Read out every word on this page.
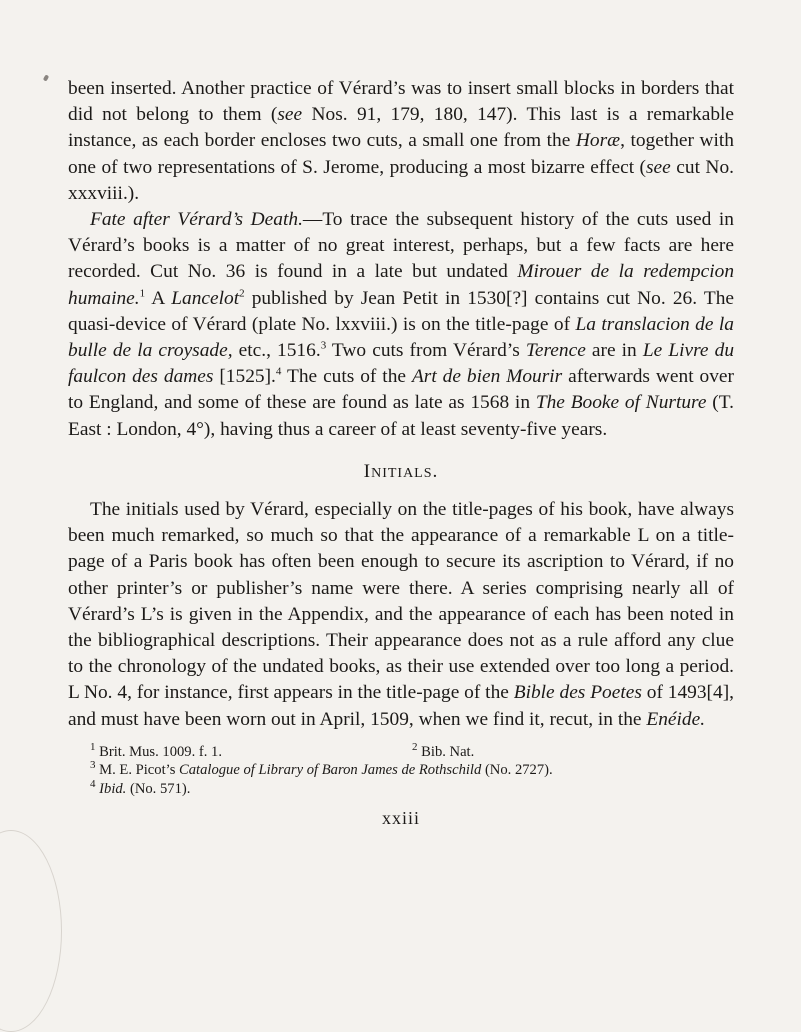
been inserted. Another practice of Vérard’s was to insert small blocks in borders that did not belong to them (see Nos. 91, 179, 180, 147). This last is a remarkable instance, as each border encloses two cuts, a small one from the Horæ, together with one of two representations of S. Jerome, producing a most bizarre effect (see cut No. xxxviii.).

Fate after Vérard’s Death.—To trace the subsequent history of the cuts used in Vérard’s books is a matter of no great interest, perhaps, but a few facts are here recorded. Cut No. 36 is found in a late but undated Mirouer de la redempcion humaine.$^1$ A Lancelot$^2$ published by Jean Petit in 1530[?] contains cut No. 26. The quasi-device of Vérard (plate No. lxxviii.) is on the title-page of La translacion de la bulle de la croysade, etc., 1516.$^3$ Two cuts from Vérard’s Terence are in Le Livre du faulcon des dames [1525].$^4$ The cuts of the Art de bien Mourir afterwards went over to England, and some of these are found as late as 1568 in The Booke of Nurture (T. East : London, 4°), having thus a career of at least seventy-five years.

Initials.

The initials used by Vérard, especially on the title-pages of his book, have always been much remarked, so much so that the appearance of a remarkable L on a title-page of a Paris book has often been enough to secure its ascription to Vérard, if no other printer’s or publisher’s name were there. A series comprising nearly all of Vérard’s L’s is given in the Appendix, and the appearance of each has been noted in the bibliographical descriptions. Their appearance does not as a rule afford any clue to the chronology of the undated books, as their use extended over too long a period. L No. 4, for instance, first appears in the title-page of the Bible des Poetes of 1493[4], and must have been worn out in April, 1509, when we find it, recut, in the Enéide.

$^1$ Brit. Mus. 1009. f. 1.	$^2$ Bib. Nat.
$^3$ M. E. Picot’s Catalogue of Library of Baron James de Rothschild (No. 2727).
$^4$ Ibid. (No. 571).
xxiii
